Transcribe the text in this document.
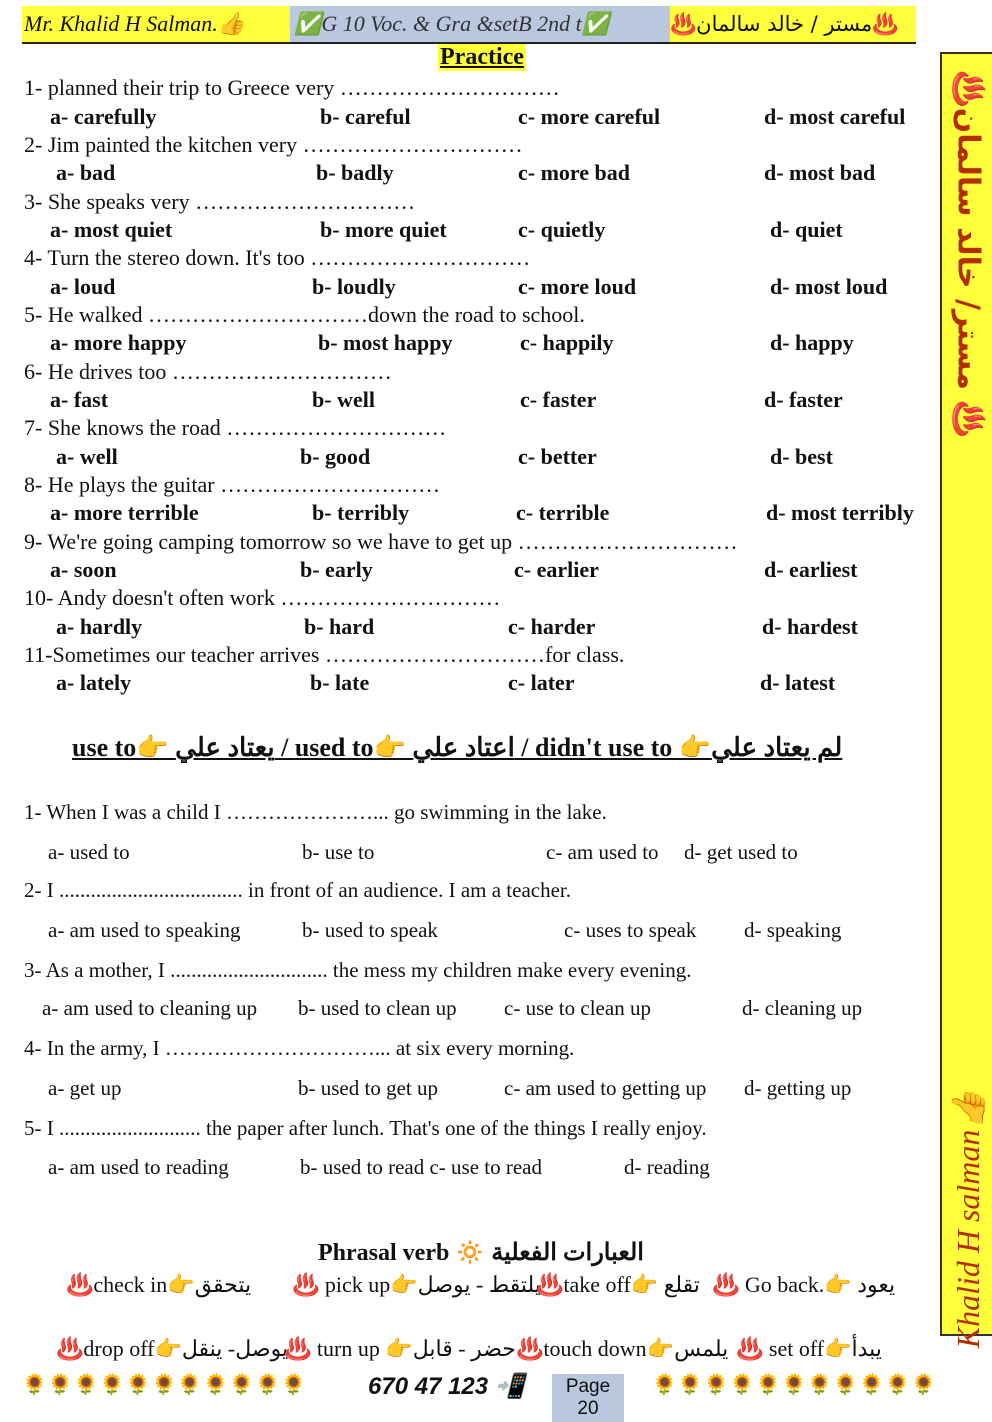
Mr. Khalid H Salman.👍	✅G 10 Voc. & Gra &setB 2nd t✅	♨️مستر / خالد سالمان♨️
♨️مستر/ خالد سالمان ♨️
Khalid H salman👍
Practice
1- planned their trip to Greece very …………………………
a- carefully	b- careful	c- more careful	d- most careful
2- Jim painted the kitchen very …………………………
a- bad	b- badly	c- more bad	d- most bad
3- She speaks very …………………………
a- most quiet	b- more quiet	c- quietly	d- quiet
4- Turn the stereo down. It's too …………………………
a- loud	b- loudly	c- more loud	d- most loud
5- He walked …………………………down the road to school.
a- more happy	b- most happy	c- happily	d- happy
6- He drives too …………………………
a- fast	b- well	c- faster	d- faster
7- She knows the road …………………………
a- well	b- good	c- better	d- best
8- He plays the guitar …………………………
a- more terrible	b- terribly	c- terrible	d- most terribly
9- We're going camping tomorrow so we have to get up …………………………
a- soon	b- early	c- earlier	d- earliest
10- Andy doesn't often work …………………………
a- hardly	b- hard	c- harder	d- hardest
11-Sometimes our teacher arrives …………………………for class.
a- lately	b- late	c- later	d- latest
use to👉 يعتاد علي / used to👉 اعتاد علي / didn't use to 👉لم يعتاد علي
1- When I was a child I …………………... go swimming in the lake.
a- used to	b- use to	c- am used to d- get used to
2- I ................................... in front of an audience. I am a teacher.
a- am used to speaking	b- used to speak	c- uses to speak d- speaking
3- As a mother, I .............................. the mess my children make every evening.
a- am used to cleaning up b- used to clean up c- use to clean up	d- cleaning up
4- In the army, I …………………………... at six every morning.
a- get up	b- used to get up	c- am used to getting up d- getting up
5- I ........................... the paper after lunch. That's one of the things I really enjoy.
a- am used to reading	b- used to read c- use to read	d- reading
Phrasal verb 🔅 العبارات الفعلية
♨️check in👉يتحقق ♨️ pick up👉يلتقط - يوصل
♨️take off👉 تقلع ♨️ Go back.👉 يعود
♨️drop off👉يوصل- ينقل
♨️ turn up 👉حضر - قابل ♨️touch down👉يلمس ♨️ set off👉يبدأ
🌻🌻🌻🌻🌻🌻🌻🌻🌻🌻🌻	670 47 123 📲	Page 20
🌻🌻🌻🌻🌻🌻🌻🌻🌻🌻🌻
